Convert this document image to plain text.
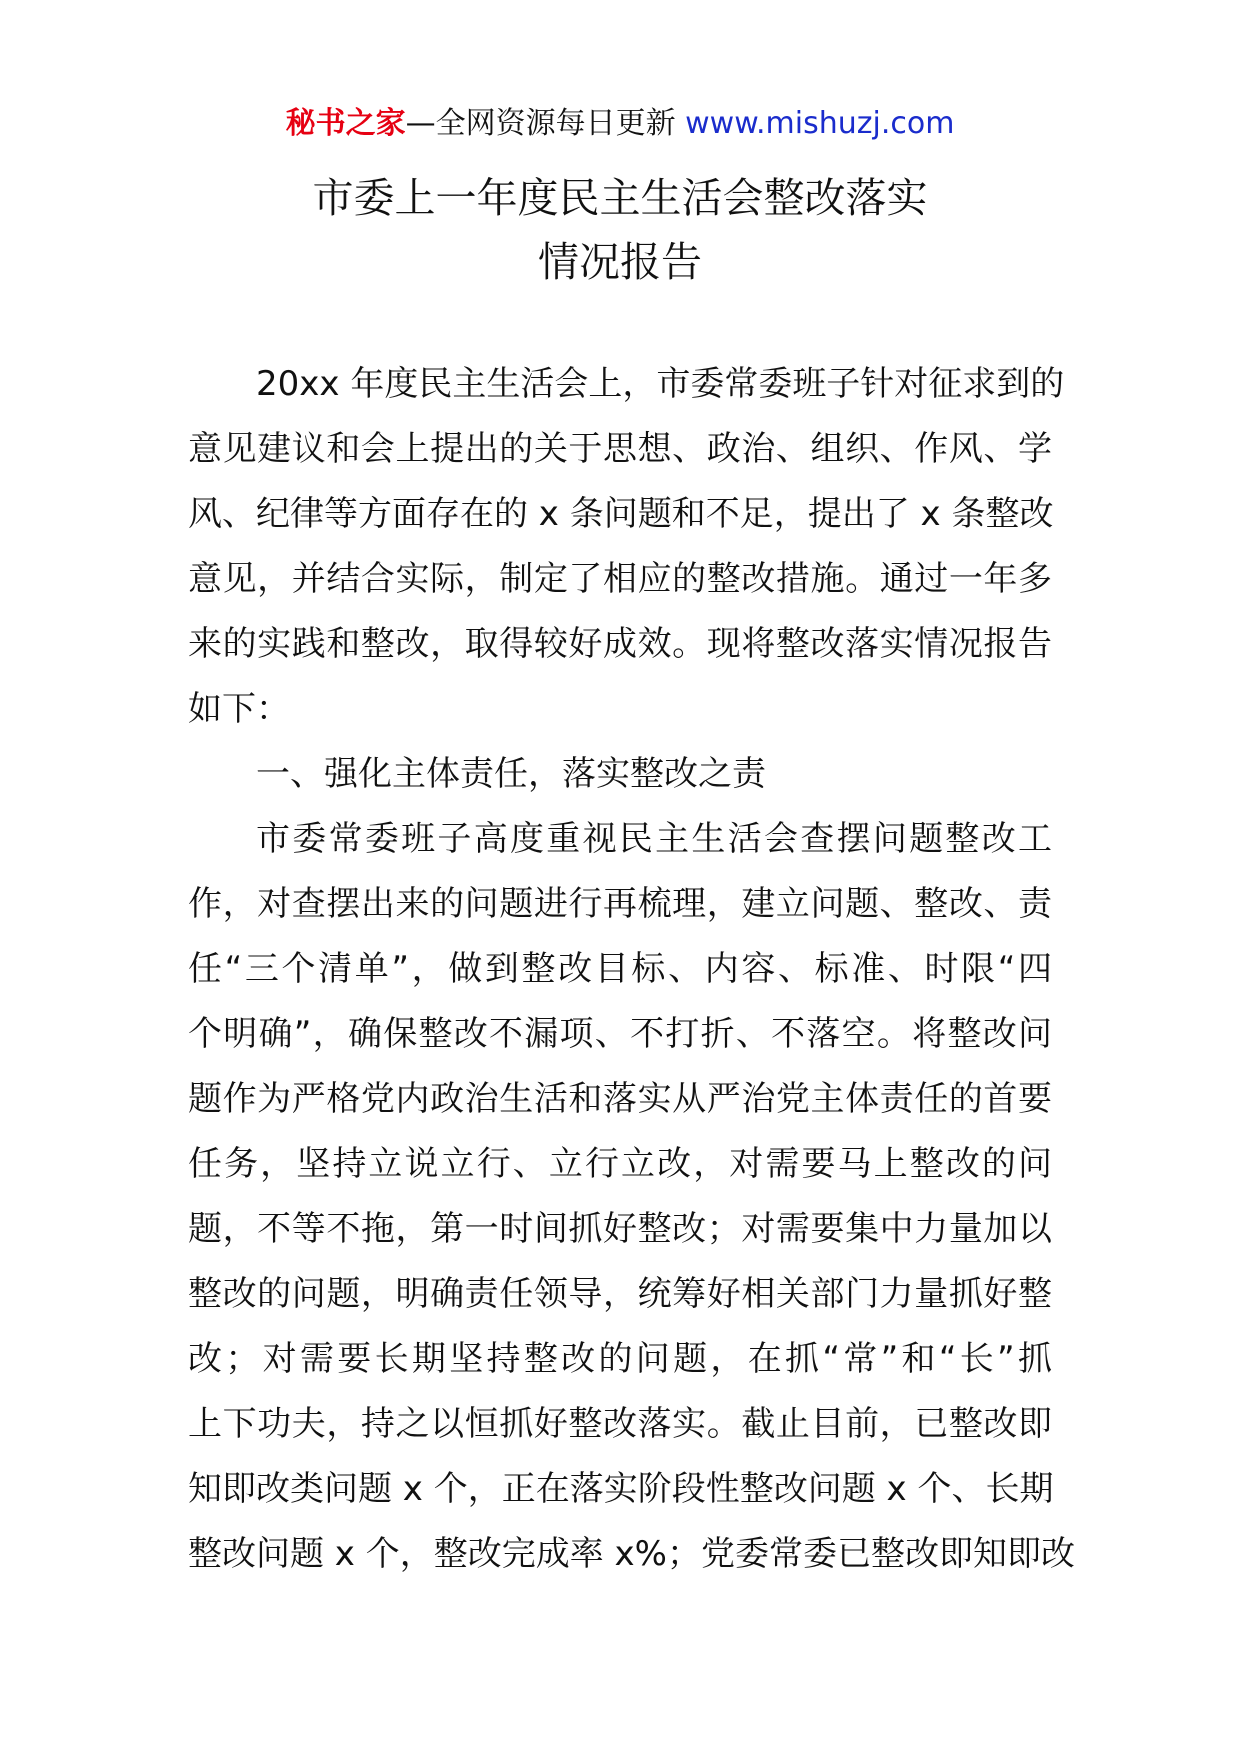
秘书之家—全网资源每日更新 www.mishuzj.com
市委上一年度民主生活会整改落实
情况报告
20xx 年度民主生活会上，市委常委班子针对征求到的
意见建议和会上提出的关于思想、政治、组织、作风、学
风、纪律等方面存在的 x 条问题和不足，提出了 x 条整改
意见，并结合实际，制定了相应的整改措施。通过一年多
来的实践和整改，取得较好成效。现将整改落实情况报告
如下：
一、强化主体责任，落实整改之责
市委常委班子高度重视民主生活会查摆问题整改工
作，对查摆出来的问题进行再梳理，建立问题、整改、责
任“三个清单”，做到整改目标、内容、标准、时限“四
个明确”，确保整改不漏项、不打折、不落空。将整改问
题作为严格党内政治生活和落实从严治党主体责任的首要
任务，坚持立说立行、立行立改，对需要马上整改的问
题，不等不拖，第一时间抓好整改；对需要集中力量加以
整改的问题，明确责任领导，统筹好相关部门力量抓好整
改；对需要长期坚持整改的问题，在抓“常”和“长”抓
上下功夫，持之以恒抓好整改落实。截止目前，已整改即
知即改类问题 x 个，正在落实阶段性整改问题 x 个、长期
整改问题 x 个，整改完成率 x%；党委常委已整改即知即改
